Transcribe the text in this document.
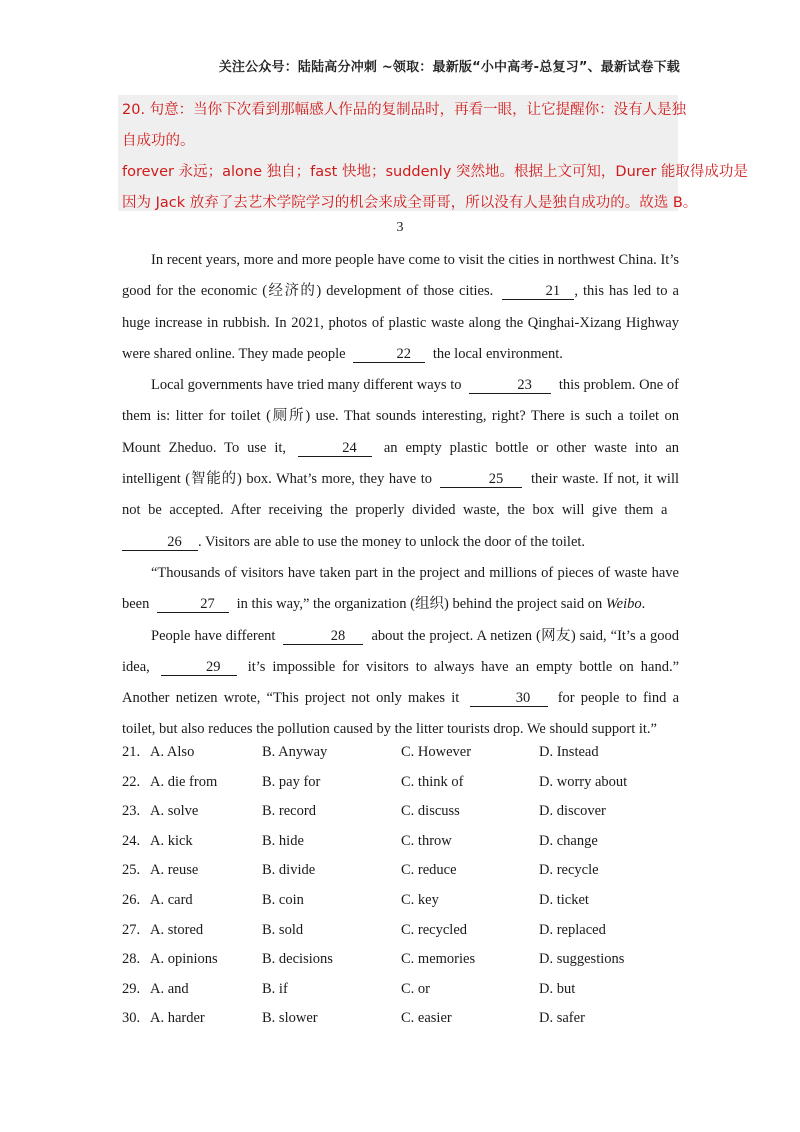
关注公众号：陆陆高分冲刺 ~领取：最新版“小中高考-总复习”、最新试卷下载
20. 句意：当你下次看到那幅感人作品的复制品时，再看一眼，让它提醒你：没有人是独
自成功的。
forever 永远；alone 独自；fast 快地；suddenly 突然地。根据上文可知，Durer 能取得成功是
因为 Jack 放弃了去艺术学院学习的机会来成全哥哥，所以没有人是独自成功的。故选 B。
3

In recent years, more and more people have come to visit the cities in northwest China. It’s good for the economic (经济的) development of those cities.	21 , this has led to a huge increase in rubbish. In 2021, photos of plastic waste along the Qinghai-Xizang Highway were shared online. They made people	22 the local environment.

Local governments have tried many different ways to	23 this problem. One of them is: litter for toilet (厕所) use. That sounds interesting, right? There is such a toilet on Mount Zheduo. To use it,	24 an empty plastic bottle or other waste into an intelligent (智能的) box. What’s more, they have to	25 their waste. If not, it will not be accepted. After receiving the properly divided waste, the box will give them a 26 . Visitors are able to use the money to unlock the door of the toilet.

“Thousands of visitors have taken part in the project and millions of pieces of waste have been	27 in this way,” the organization (组织) behind the project said on Weibo.

People have different	28 about the project. A netizen (网友) said, “It’s a good idea,	29 it’s impossible for visitors to always have an empty bottle on hand.” Another netizen wrote, “This project not only makes it	30 for people to find a toilet, but also reduces the pollution caused by the litter tourists drop. We should support it.”

21. A. Also	B. Anyway	C. However	D. Instead
22. A. die from	B. pay for	C. think of	D. worry about
23. A. solve	B. record	C. discuss	D. discover
24. A. kick	B. hide	C. throw	D. change
25. A. reuse	B. divide	C. reduce	D. recycle
26. A. card	B. coin	C. key	D. ticket
27. A. stored	B. sold	C. recycled	D. replaced
28. A. opinions	B. decisions	C. memories	D. suggestions
29. A. and	B. if	C. or	D. but
30. A. harder	B. slower	C. easier	D. safer
